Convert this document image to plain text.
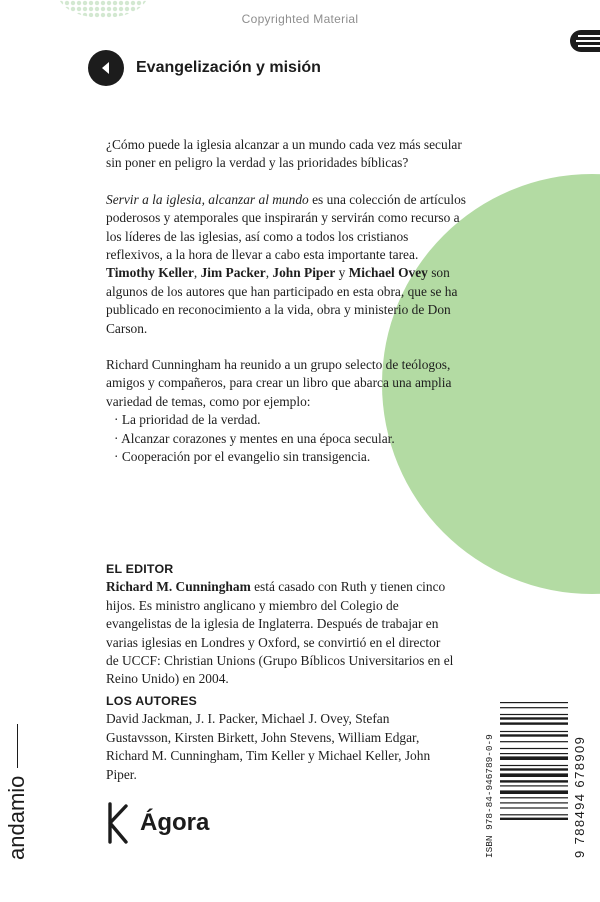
Copyrighted Material
Evangelización y misión

¿Cómo puede la iglesia alcanzar a un mundo cada vez más secular sin poner en peligro la verdad y las prioridades bíblicas?

Servir a la iglesia, alcanzar al mundo es una colección de artículos poderosos y atemporales que inspirarán y servirán como recurso a los líderes de las iglesias, así como a todos los cristianos reflexivos, a la hora de llevar a cabo esta importante tarea. Timothy Keller, Jim Packer, John Piper y Michael Ovey son algunos de los autores que han participado en esta obra, que se ha publicado en reconocimiento a la vida, obra y ministerio de Don Carson.

Richard Cunningham ha reunido a un grupo selecto de teólogos, amigos y compañeros, para crear un libro que abarca una amplia variedad de temas, como por ejemplo:

· La prioridad de la verdad.
· Alcanzar corazones y mentes en una época secular.
· Cooperación por el evangelio sin transigencia.
EL EDITOR
Richard M. Cunningham está casado con Ruth y tienen cinco hijos. Es ministro anglicano y miembro del Colegio de evangelistas de la iglesia de Inglaterra. Después de trabajar en varias iglesias en Londres y Oxford, se convirtió en el director de UCCF: Christian Unions (Grupo Bíblicos Universitarios en el Reino Unido) en 2004.
LOS AUTORES
David Jackman, J. I. Packer, Michael J. Ovey, Stefan Gustavsson, Kirsten Birkett, John Stevens, William Edgar, Richard M. Cunningham, Tim Keller y Michael Keller, John Piper.
andamio	Ágora	ISBN 978-84-946789-0-9	9 788494 678909
